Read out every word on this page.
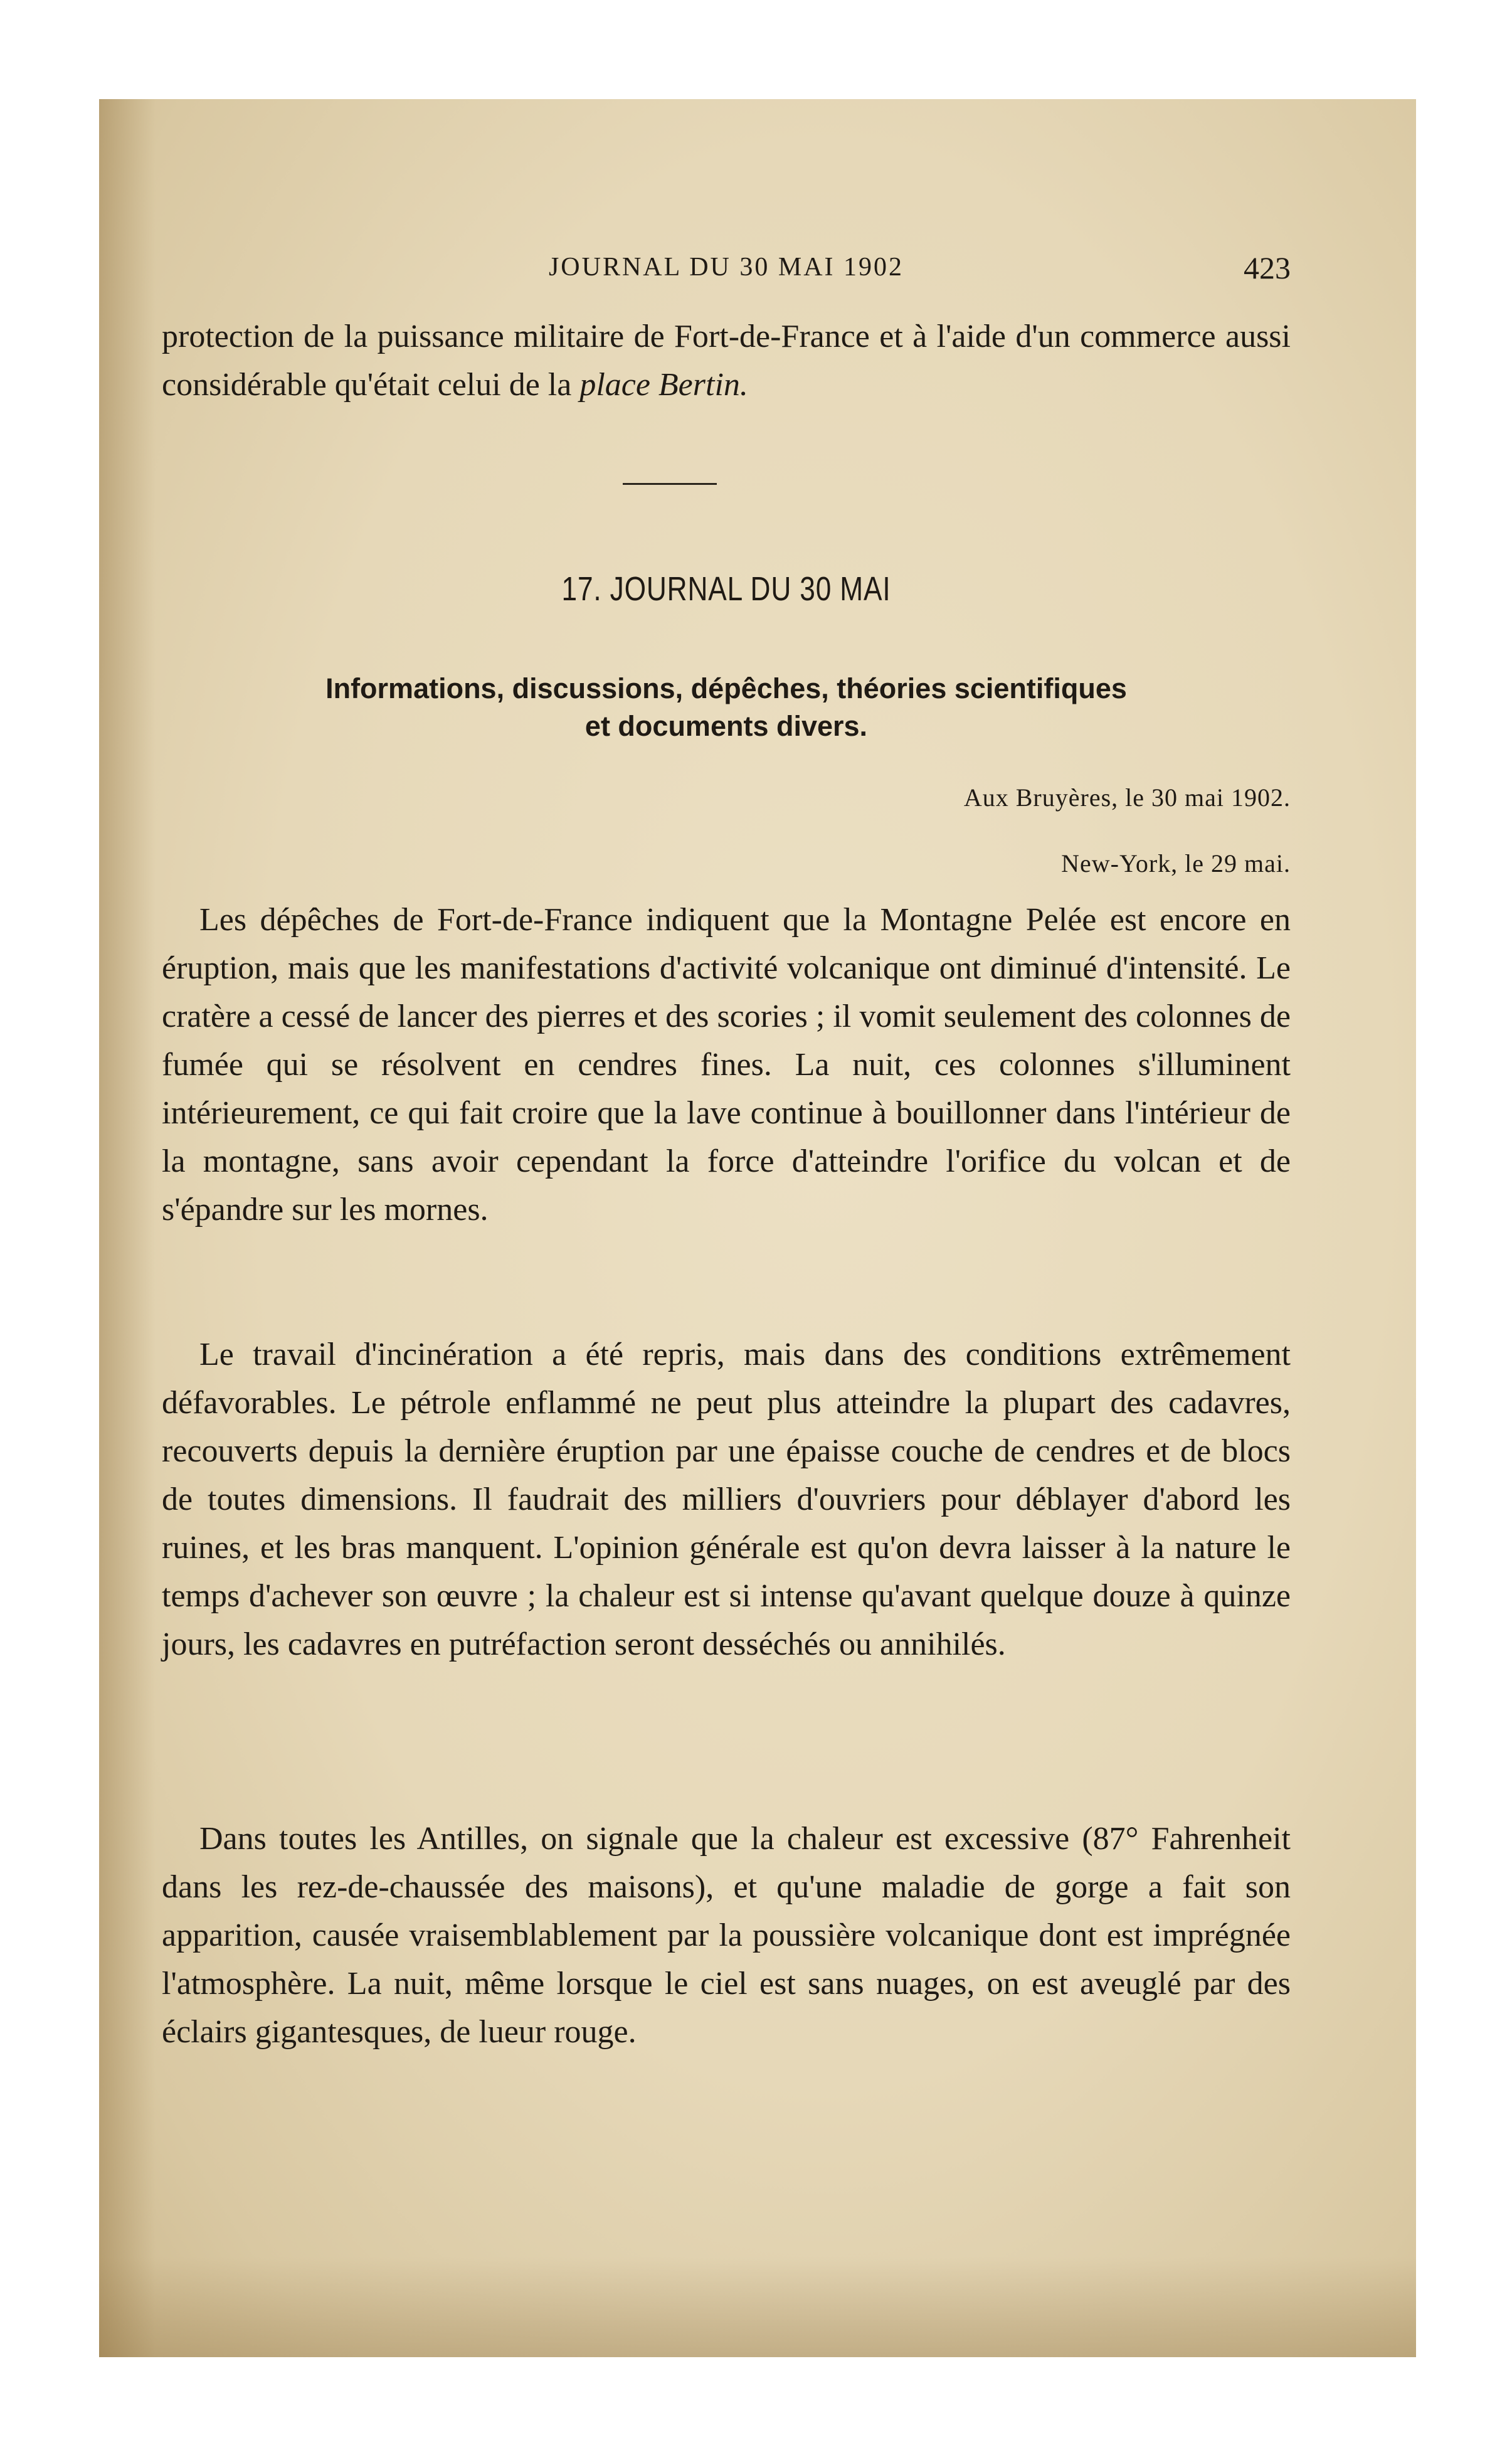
JOURNAL DU 30 MAI 1902	423

protection de la puissance militaire de Fort-de-France et à l'aide d'un commerce aussi considérable qu'était celui de la place Bertin.

17. JOURNAL DU 30 MAI
Informations, discussions, dépêches, théories scientifiques
et documents divers.
Aux Bruyères, le 30 mai 1902.
New-York, le 29 mai.

Les dépêches de Fort-de-France indiquent que la Montagne Pelée est encore en éruption, mais que les manifestations d'activité volcanique ont diminué d'intensité. Le cratère a cessé de lancer des pierres et des scories ; il vomit seulement des colonnes de fumée qui se résolvent en cendres fines. La nuit, ces colonnes s'illuminent intérieurement, ce qui fait croire que la lave continue à bouillonner dans l'intérieur de la montagne, sans avoir cependant la force d'atteindre l'orifice du volcan et de s'épandre sur les mornes.

Le travail d'incinération a été repris, mais dans des conditions extrêmement défavorables. Le pétrole enflammé ne peut plus atteindre la plupart des cadavres, recouverts depuis la dernière éruption par une épaisse couche de cendres et de blocs de toutes dimensions. Il faudrait des milliers d'ouvriers pour déblayer d'abord les ruines, et les bras manquent. L'opinion générale est qu'on devra laisser à la nature le temps d'achever son œuvre ; la chaleur est si intense qu'avant quelque douze à quinze jours, les cadavres en putréfaction seront desséchés ou annihilés.

Dans toutes les Antilles, on signale que la chaleur est excessive (87° Fahrenheit dans les rez-de-chaussée des maisons), et qu'une maladie de gorge a fait son apparition, causée vraisemblablement par la poussière volcanique dont est imprégnée l'atmosphère. La nuit, même lorsque le ciel est sans nuages, on est aveuglé par des éclairs gigantesques, de lueur rouge.
